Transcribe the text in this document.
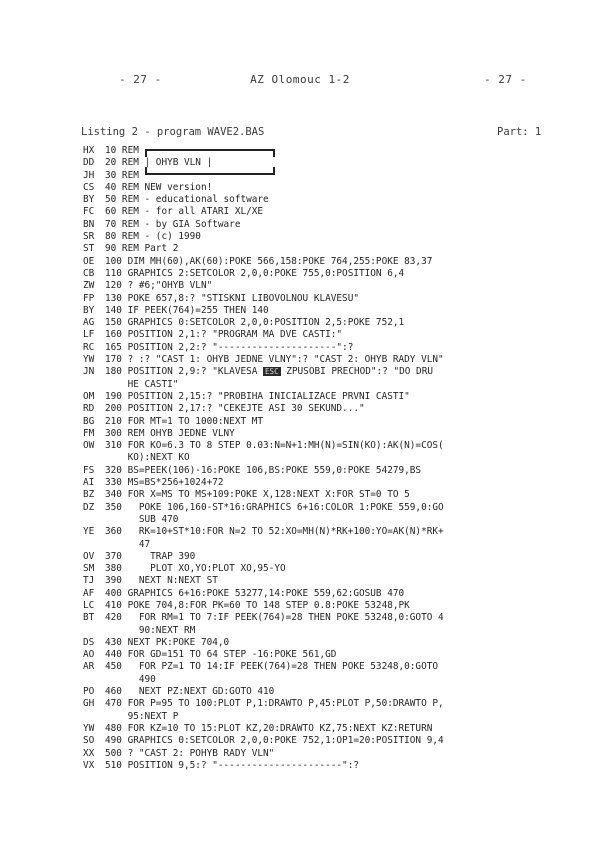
- 27 -	AZ Olomouc 1-2	- 27 -
Listing 2 - program WAVE2.BAS	Part: 1
HX 10 REM
DD 20 REM | OHYB VLN |
JH 30 REM
CS 40 REM NEW version!
BY 50 REM - educational software
FC 60 REM - for all ATARI XL/XE
BN 70 REM - by GIA Software
SR 80 REM - (c) 1990
ST 90 REM Part 2
OE 100 DIM MH(60),AK(60):POKE 566,158:POKE 764,255:POKE 83,37
CB 110 GRAPHICS 2:SETCOLOR 2,0,0:POKE 755,0:POSITION 6,4
ZW 120 ? #6;"OHYB VLN"
FP 130 POKE 657,8:? "STISKNI LIBOVOLNOU KLAVESU"
BY 140 IF PEEK(764)=255 THEN 140
AG 150 GRAPHICS 0:SETCOLOR 2,0,0:POSITION 2,5:POKE 752,1
LF 160 POSITION 2,1:? "PROGRAM MA DVE CASTI:"
RC 165 POSITION 2,2:? "---------------------":?
YW 170 ? :? "CAST 1: OHYB JEDNE VLNY":? "CAST 2: OHYB RADY VLN"
JN 180 POSITION 2,9:? "KLAVESA ESC ZPUSOBI PRECHOD":? "DO DRU
HE CASTI"
OM 190 POSITION 2,15:? "PROBIHA INICIALIZACE PRVNI CASTI"
RD 200 POSITION 2,17:? "CEKEJTE ASI 30 SEKUND..."
BG 210 FOR MT=1 TO 1000:NEXT MT
FM 300 REM OHYB JEDNE VLNY
OW 310 FOR KO=6.3 TO 8 STEP 0.03:N=N+1:MH(N)=SIN(KO):AK(N)=COS(
KO):NEXT KO
FS 320 BS=PEEK(106)-16:POKE 106,BS:POKE 559,0:POKE 54279,BS
AI 330 MS=BS*256+1024+72
BZ 340 FOR X=MS TO MS+109:POKE X,128:NEXT X:FOR ST=0 TO 5
DZ 350   POKE 106,160-ST*16:GRAPHICS 6+16:COLOR 1:POKE 559,0:GO
SUB 470
YE 360   RK=10+ST*10:FOR N=2 TO 52:XO=MH(N)*RK+100:YO=AK(N)*RK+
47
OV 370     TRAP 390
SM 380     PLOT XO,YO:PLOT XO,95-YO
TJ 390   NEXT N:NEXT ST
AF 400 GRAPHICS 6+16:POKE 53277,14:POKE 559,62:GOSUB 470
LC 410 POKE 704,8:FOR PK=60 TO 148 STEP 0.8:POKE 53248,PK
BT 420   FOR RM=1 TO 7:IF PEEK(764)=28 THEN POKE 53248,0:GOTO 4
90:NEXT RM
DS 430 NEXT PK:POKE 704,0
AO 440 FOR GD=151 TO 64 STEP -16:POKE 561,GD
AR 450   FOR PZ=1 TO 14:IF PEEK(764)=28 THEN POKE 53248,0:GOTO
490
PO 460   NEXT PZ:NEXT GD:GOTO 410
GH 470 FOR P=95 TO 100:PLOT P,1:DRAWTO P,45:PLOT P,50:DRAWTO P,
95:NEXT P
YW 480 FOR KZ=10 TO 15:PLOT KZ,20:DRAWTO KZ,75:NEXT KZ:RETURN
SO 490 GRAPHICS 0:SETCOLOR 2,0,0:POKE 752,1:OP1=20:POSITION 9,4
XX 500 ? "CAST 2: POHYB RADY VLN"
VX 510 POSITION 9,5:? "----------------------":?
